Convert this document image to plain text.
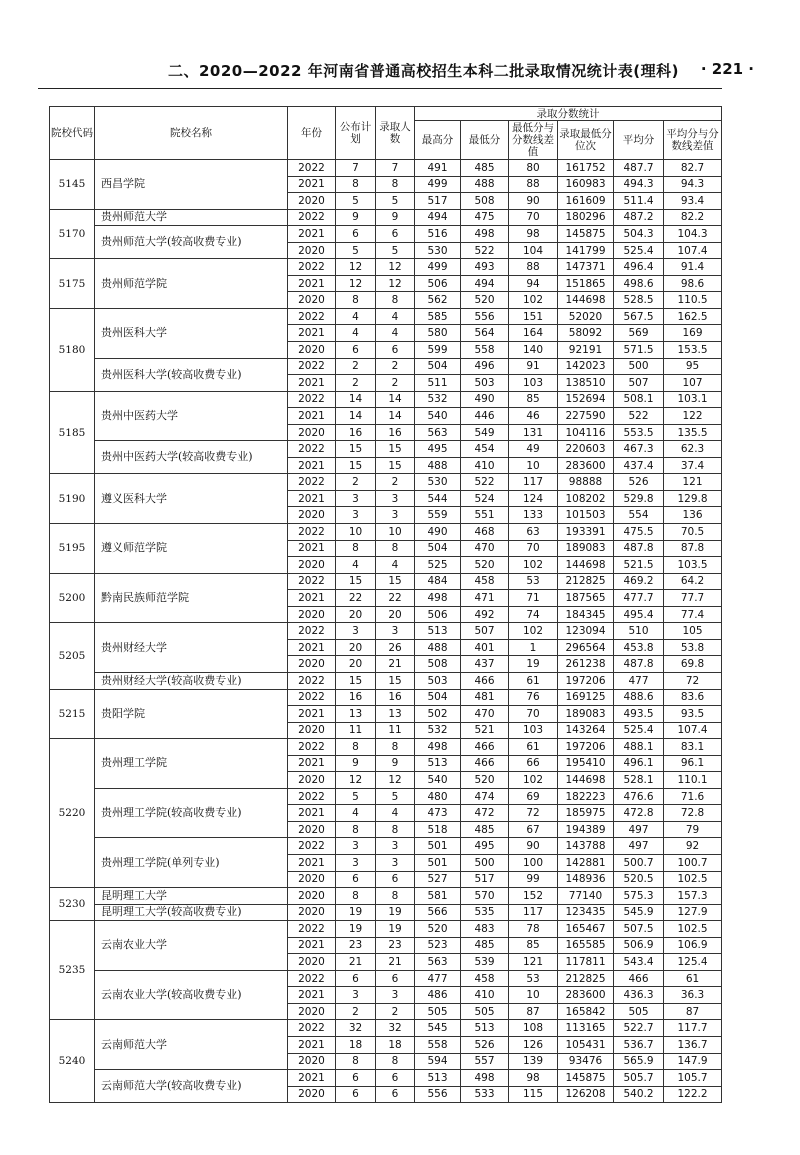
二、2020—2022 年河南省普通高校招生本科二批录取情况统计表(理科) · 221 ·
院校代码	院校名称	年份	公布计划	录取人数	录取分数统计					
					最高分	最低分	最低分与分数线差值	录取最低分位次	平均分	平均分与分数线差值
5145	西昌学院	2022	7	7	491	485	80	161752	487.7	82.7
		2021	8	8	499	488	88	160983	494.3	94.3
		2020	5	5	517	508	90	161609	511.4	93.4
5170	贵州师范大学	2022	9	9	494	475	70	180296	487.2	82.2
	贵州师范大学(较高收费专业)	2021	6	6	516	498	98	145875	504.3	104.3
		2020	5	5	530	522	104	141799	525.4	107.4
5175	贵州师范学院	2022	12	12	499	493	88	147371	496.4	91.4
		2021	12	12	506	494	94	151865	498.6	98.6
		2020	8	8	562	520	102	144698	528.5	110.5
5180	贵州医科大学	2022	4	4	585	556	151	52020	567.5	162.5
		2021	4	4	580	564	164	58092	569	169
		2020	6	6	599	558	140	92191	571.5	153.5
	贵州医科大学(较高收费专业)	2022	2	2	504	496	91	142023	500	95
		2021	2	2	511	503	103	138510	507	107
5185	贵州中医药大学	2022	14	14	532	490	85	152694	508.1	103.1
		2021	14	14	540	446	46	227590	522	122
		2020	16	16	563	549	131	104116	553.5	135.5
	贵州中医药大学(较高收费专业)	2022	15	15	495	454	49	220603	467.3	62.3
		2021	15	15	488	410	10	283600	437.4	37.4
5190	遵义医科大学	2022	2	2	530	522	117	98888	526	121
		2021	3	3	544	524	124	108202	529.8	129.8
		2020	3	3	559	551	133	101503	554	136
5195	遵义师范学院	2022	10	10	490	468	63	193391	475.5	70.5
		2021	8	8	504	470	70	189083	487.8	87.8
		2020	4	4	525	520	102	144698	521.5	103.5
5200	黔南民族师范学院	2022	15	15	484	458	53	212825	469.2	64.2
		2021	22	22	498	471	71	187565	477.7	77.7
		2020	20	20	506	492	74	184345	495.4	77.4
5205	贵州财经大学	2022	3	3	513	507	102	123094	510	105
		2021	20	26	488	401	1	296564	453.8	53.8
		2020	20	21	508	437	19	261238	487.8	69.8
	贵州财经大学(较高收费专业)	2022	15	15	503	466	61	197206	477	72
5215	贵阳学院	2022	16	16	504	481	76	169125	488.6	83.6
		2021	13	13	502	470	70	189083	493.5	93.5
		2020	11	11	532	521	103	143264	525.4	107.4
5220	贵州理工学院	2022	8	8	498	466	61	197206	488.1	83.1
		2021	9	9	513	466	66	195410	496.1	96.1
		2020	12	12	540	520	102	144698	528.1	110.1
	贵州理工学院(较高收费专业)	2022	5	5	480	474	69	182223	476.6	71.6
		2021	4	4	473	472	72	185975	472.8	72.8
		2020	8	8	518	485	67	194389	497	79
	贵州理工学院(单列专业)	2022	3	3	501	495	90	143788	497	92
		2021	3	3	501	500	100	142881	500.7	100.7
		2020	6	6	527	517	99	148936	520.5	102.5
5230	昆明理工大学	2020	8	8	581	570	152	77140	575.3	157.3
	昆明理工大学(较高收费专业)	2020	19	19	566	535	117	123435	545.9	127.9
5235	云南农业大学	2022	19	19	520	483	78	165467	507.5	102.5
		2021	23	23	523	485	85	165585	506.9	106.9
		2020	21	21	563	539	121	117811	543.4	125.4
	云南农业大学(较高收费专业)	2022	6	6	477	458	53	212825	466	61
		2021	3	3	486	410	10	283600	436.3	36.3
		2020	2	2	505	505	87	165842	505	87
5240	云南师范大学	2022	32	32	545	513	108	113165	522.7	117.7
		2021	18	18	558	526	126	105431	536.7	136.7
		2020	8	8	594	557	139	93476	565.9	147.9
	云南师范大学(较高收费专业)	2021	6	6	513	498	98	145875	505.7	105.7
		2020	6	6	556	533	115	126208	540.2	122.2
